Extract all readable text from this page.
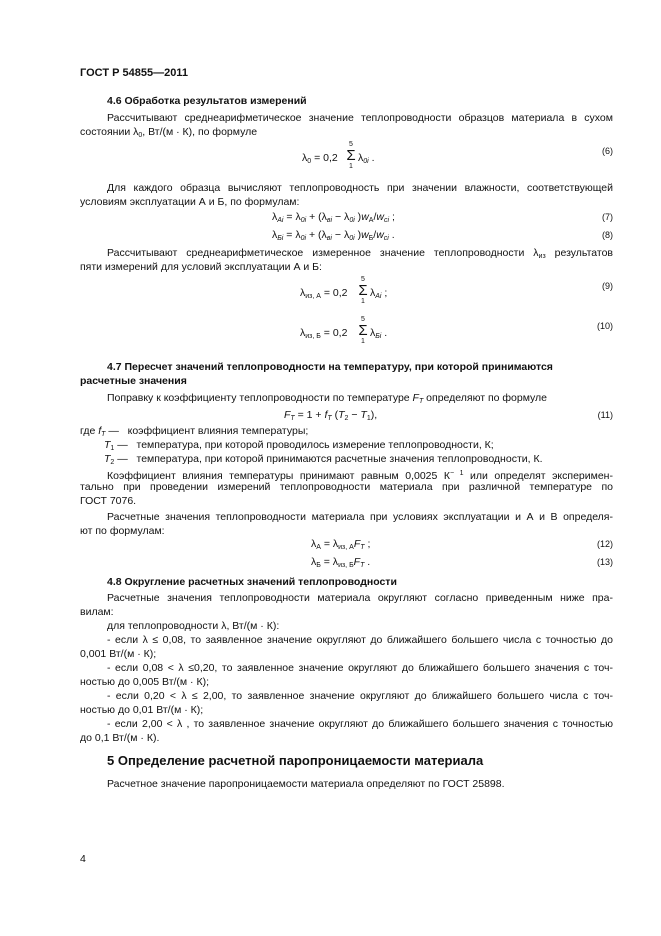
ГОСТ Р 54855—2011
4.6 Обработка результатов измерений
Рассчитывают среднеарифметическое значение теплопроводности образцов материала в сухом
состоянии $\lambda_0$, Вт/(м · К), по формуле
$\lambda_0 = 0,2$
5
Σ
1
$\lambda_{0i}$ .
(6)
Для каждого образца вычисляют теплопроводность при значении влажности, соответствующей
условиям эксплуатации А и Б, по формулам:
$\lambda_{Ai} = \lambda_{0i} + (\lambda_{вi} - \lambda_{0i}$ )$w_A/w_{ci}$ ;	(7)
$\lambda_{Бi} = \lambda_{0i} + (\lambda_{вi} - \lambda_{0i}$ )$w_Б/w_{ci}$ .	(8)
Рассчитывают среднеарифметическое измеренное значение теплопроводности $\lambda_{из}$ результатов
пяти измерений для условий эксплуатации А и Б:
$\lambda_{из, А} = 0,2$
5
Σ
1
$\lambda_{Ai}$ ;
(9)
$\lambda_{из, Б} = 0,2$
5
Σ
1
$\lambda_{Бi}$ .
(10)
4.7 Пересчет значений теплопроводности на температуру, при которой принимаются
расчетные значения
Поправку к коэффициенту теплопроводности по температуре $F_T$ определяют по формуле
$F_T = 1 + f_T$ $(T_2 - T_1)$,	(11)
где $f_T$ —   коэффициент влияния температуры;
$T_1$ —   температура, при которой проводилось измерение теплопроводности, К;
$T_2$ —   температура, при которой принимаются расчетные значения теплопроводности, К.
Коэффициент влияния температуры принимают равным 0,0025 $К^{- 1}$ или определят эксперимен-
тально при проведении измерений теплопроводности материала при различной температуре по
ГОСТ 7076.
Расчетные значения теплопроводности материала при условиях эксплуатации и А и В определя-
ют по формулам:
$\lambda_A = \lambda_{из, A}F_T$ ;	(12)
$\lambda_Б = \lambda_{из, Б}F_T$ .	(13)
4.8 Округление расчетных значений теплопроводности
Расчетные значения теплопроводности материала округляют согласно приведенным ниже пра-
вилам:
для теплопроводности λ, Вт/(м · К):
- если λ ≤ 0,08, то заявленное значение округляют до ближайшего большего числа с точностью до
0,001 Вт/(м · К);
- если 0,08 < λ ≤0,20, то заявленное значение округляют до ближайшего большего значения с точ-
ностью до 0,005 Вт/(м · К);
- если 0,20 < λ ≤ 2,00, то заявленное значение округляют до ближайшего большего числа с точ-
ностью до 0,01 Вт/(м · К);
- если 2,00 < λ , то заявленное значение округляют до ближайшего большего значения с точностью
до 0,1 Вт/(м · К).
5 Определение расчетной паропроницаемости материала
Расчетное значение паропроницаемости материала определяют по ГОСТ 25898.
4
